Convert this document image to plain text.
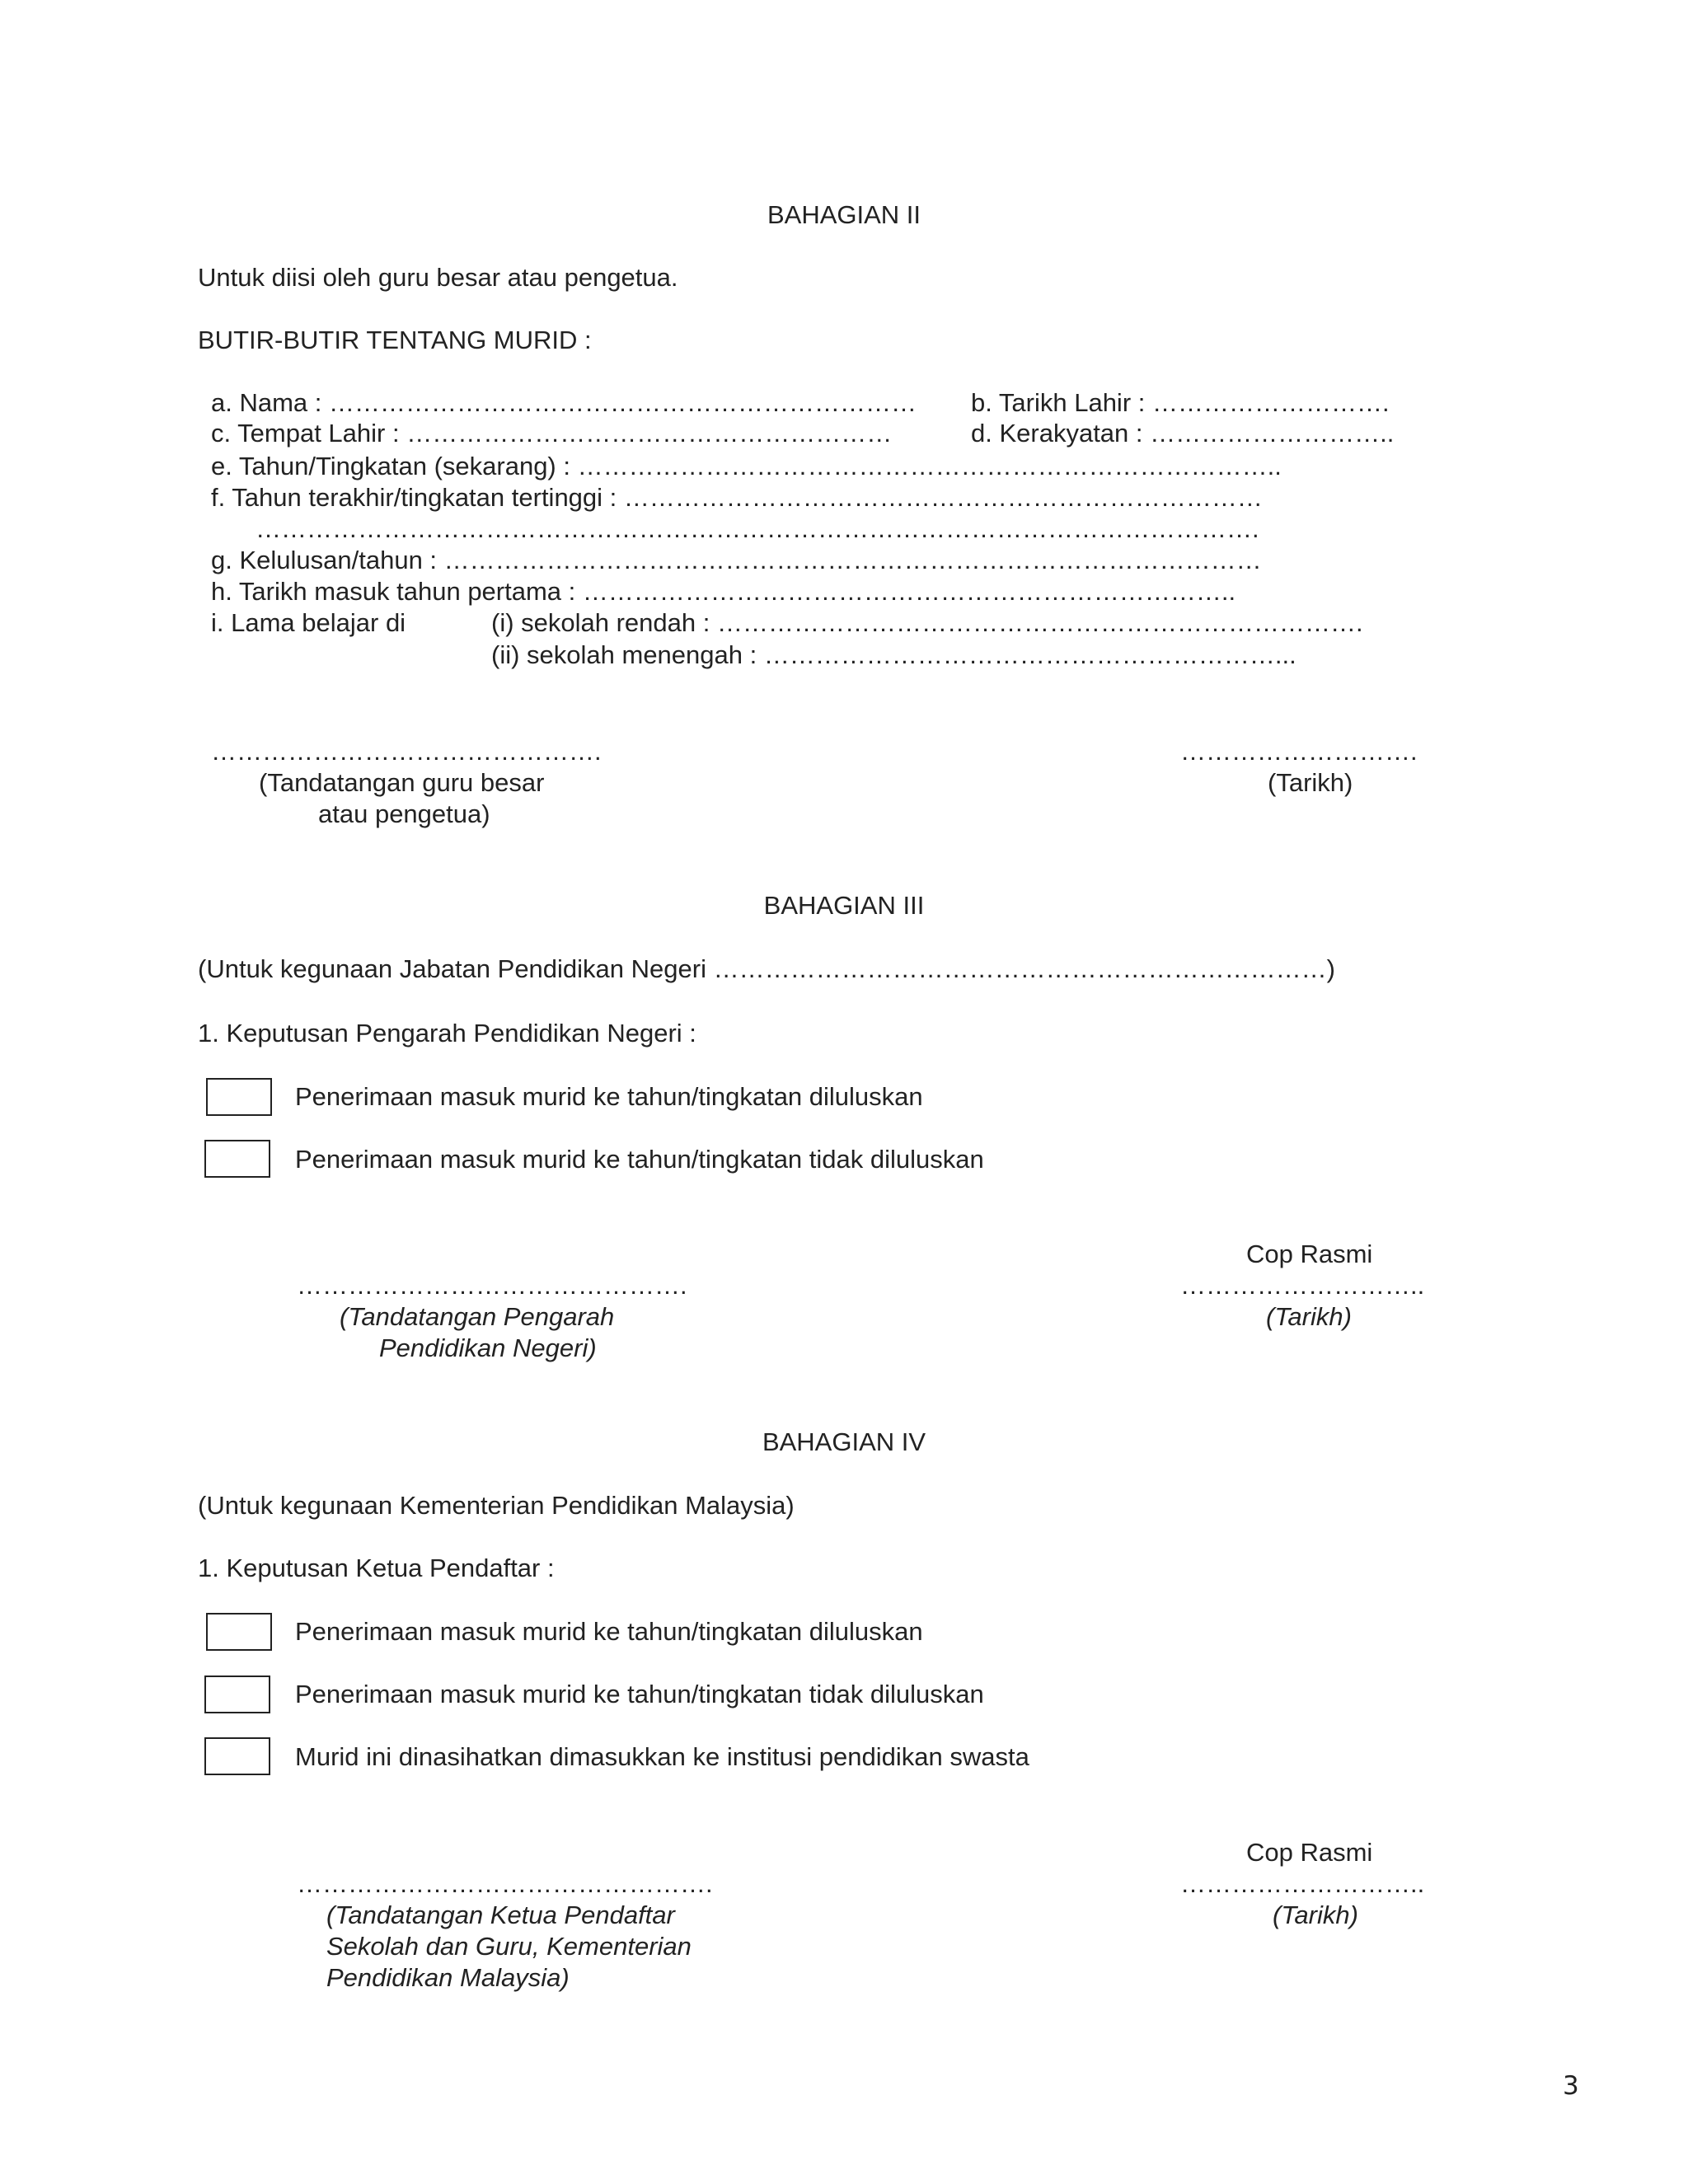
BAHAGIAN II
Untuk diisi oleh guru besar atau pengetua.
BUTIR-BUTIR TENTANG MURID :
a. Nama : …………………………………………………………… b. Tarikh Lahir : ……………………….
c. Tempat Lahir : …………………………………………………	d. Kerakyatan : ………………………..
e. Tahun/Tingkatan (sekarang) : ………………………………………………………………………..
f. Tahun terakhir/tingkatan tertinggi : …………………………………………………………………
……………………………………………………………………………………………………….
g. Kelulusan/tahun : ……………………………………………………………………………………
h. Tarikh masuk tahun pertama : …………………………………………………………………..
i. Lama belajar di	(i) sekolah rendah : ………………………………………………………………….
(ii) sekolah menengah : ……………………………………………………...
……………………………………….
(Tandatangan guru besar
atau pengetua)
……………………….
(Tarikh)
BAHAGIAN III
(Untuk kegunaan Jabatan Pendidikan Negeri ………………………………………………………………)
1. Keputusan Pengarah Pendidikan Negeri :
Penerimaan masuk murid ke tahun/tingkatan diluluskan
Penerimaan masuk murid ke tahun/tingkatan tidak diluluskan
Cop Rasmi
……………………………………….
(Tandatangan Pengarah
Pendidikan Negeri)
………………………..
(Tarikh)
BAHAGIAN IV
(Untuk kegunaan Kementerian Pendidikan Malaysia)
1. Keputusan Ketua Pendaftar :
Penerimaan masuk murid ke tahun/tingkatan diluluskan
Penerimaan masuk murid ke tahun/tingkatan tidak diluluskan
Murid ini dinasihatkan dimasukkan ke institusi pendidikan swasta
Cop Rasmi
………………………………………….
(Tandatangan Ketua Pendaftar
Sekolah dan Guru, Kementerian
Pendidikan Malaysia)
………………………..
(Tarikh)
3
